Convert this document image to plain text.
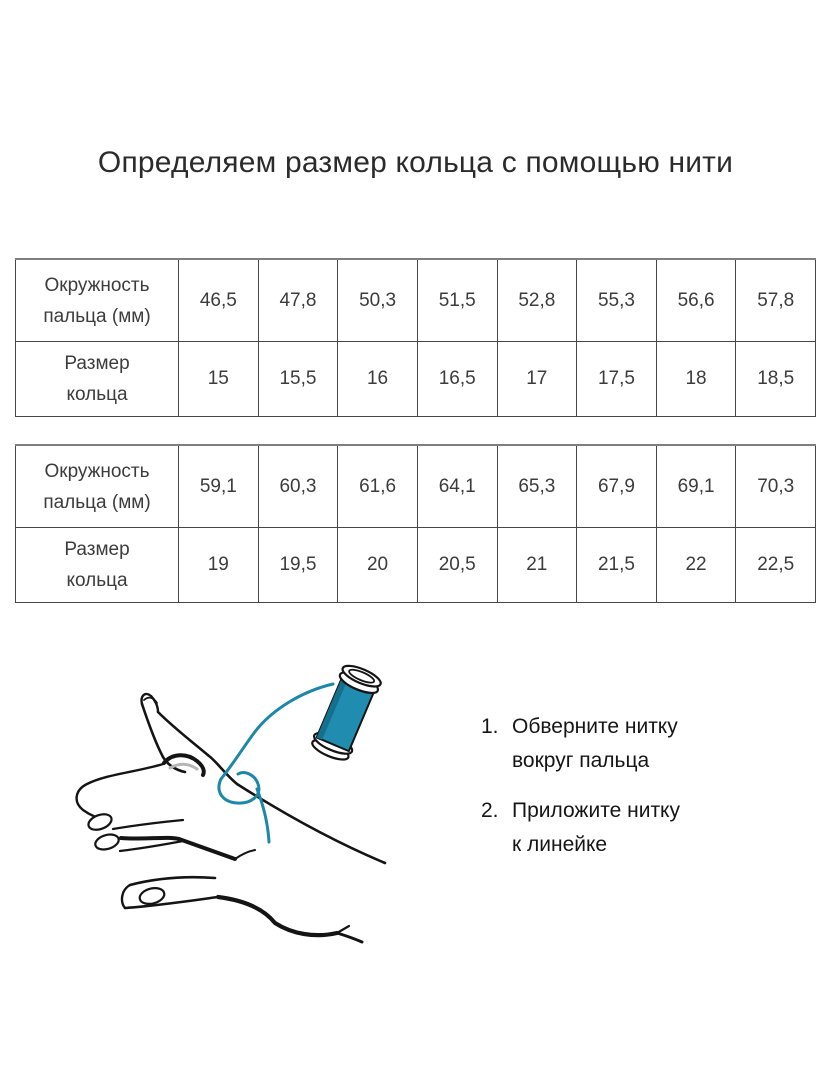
Определяем размер кольца с помощью нити
Окружность пальца (мм)	46,5	47,8	50,3	51,5	52,8	55,3	56,6	57,8
Размер кольца	15	15,5	16	16,5	17	17,5	18	18,5
Окружность пальца (мм)	59,1	60,3	61,6	64,1	65,3	67,9	69,1	70,3
Размер кольца	19	19,5	20	20,5	21	21,5	22	22,5
1. Обверните нитку
вокруг пальца
2. Приложите нитку
к линейке
